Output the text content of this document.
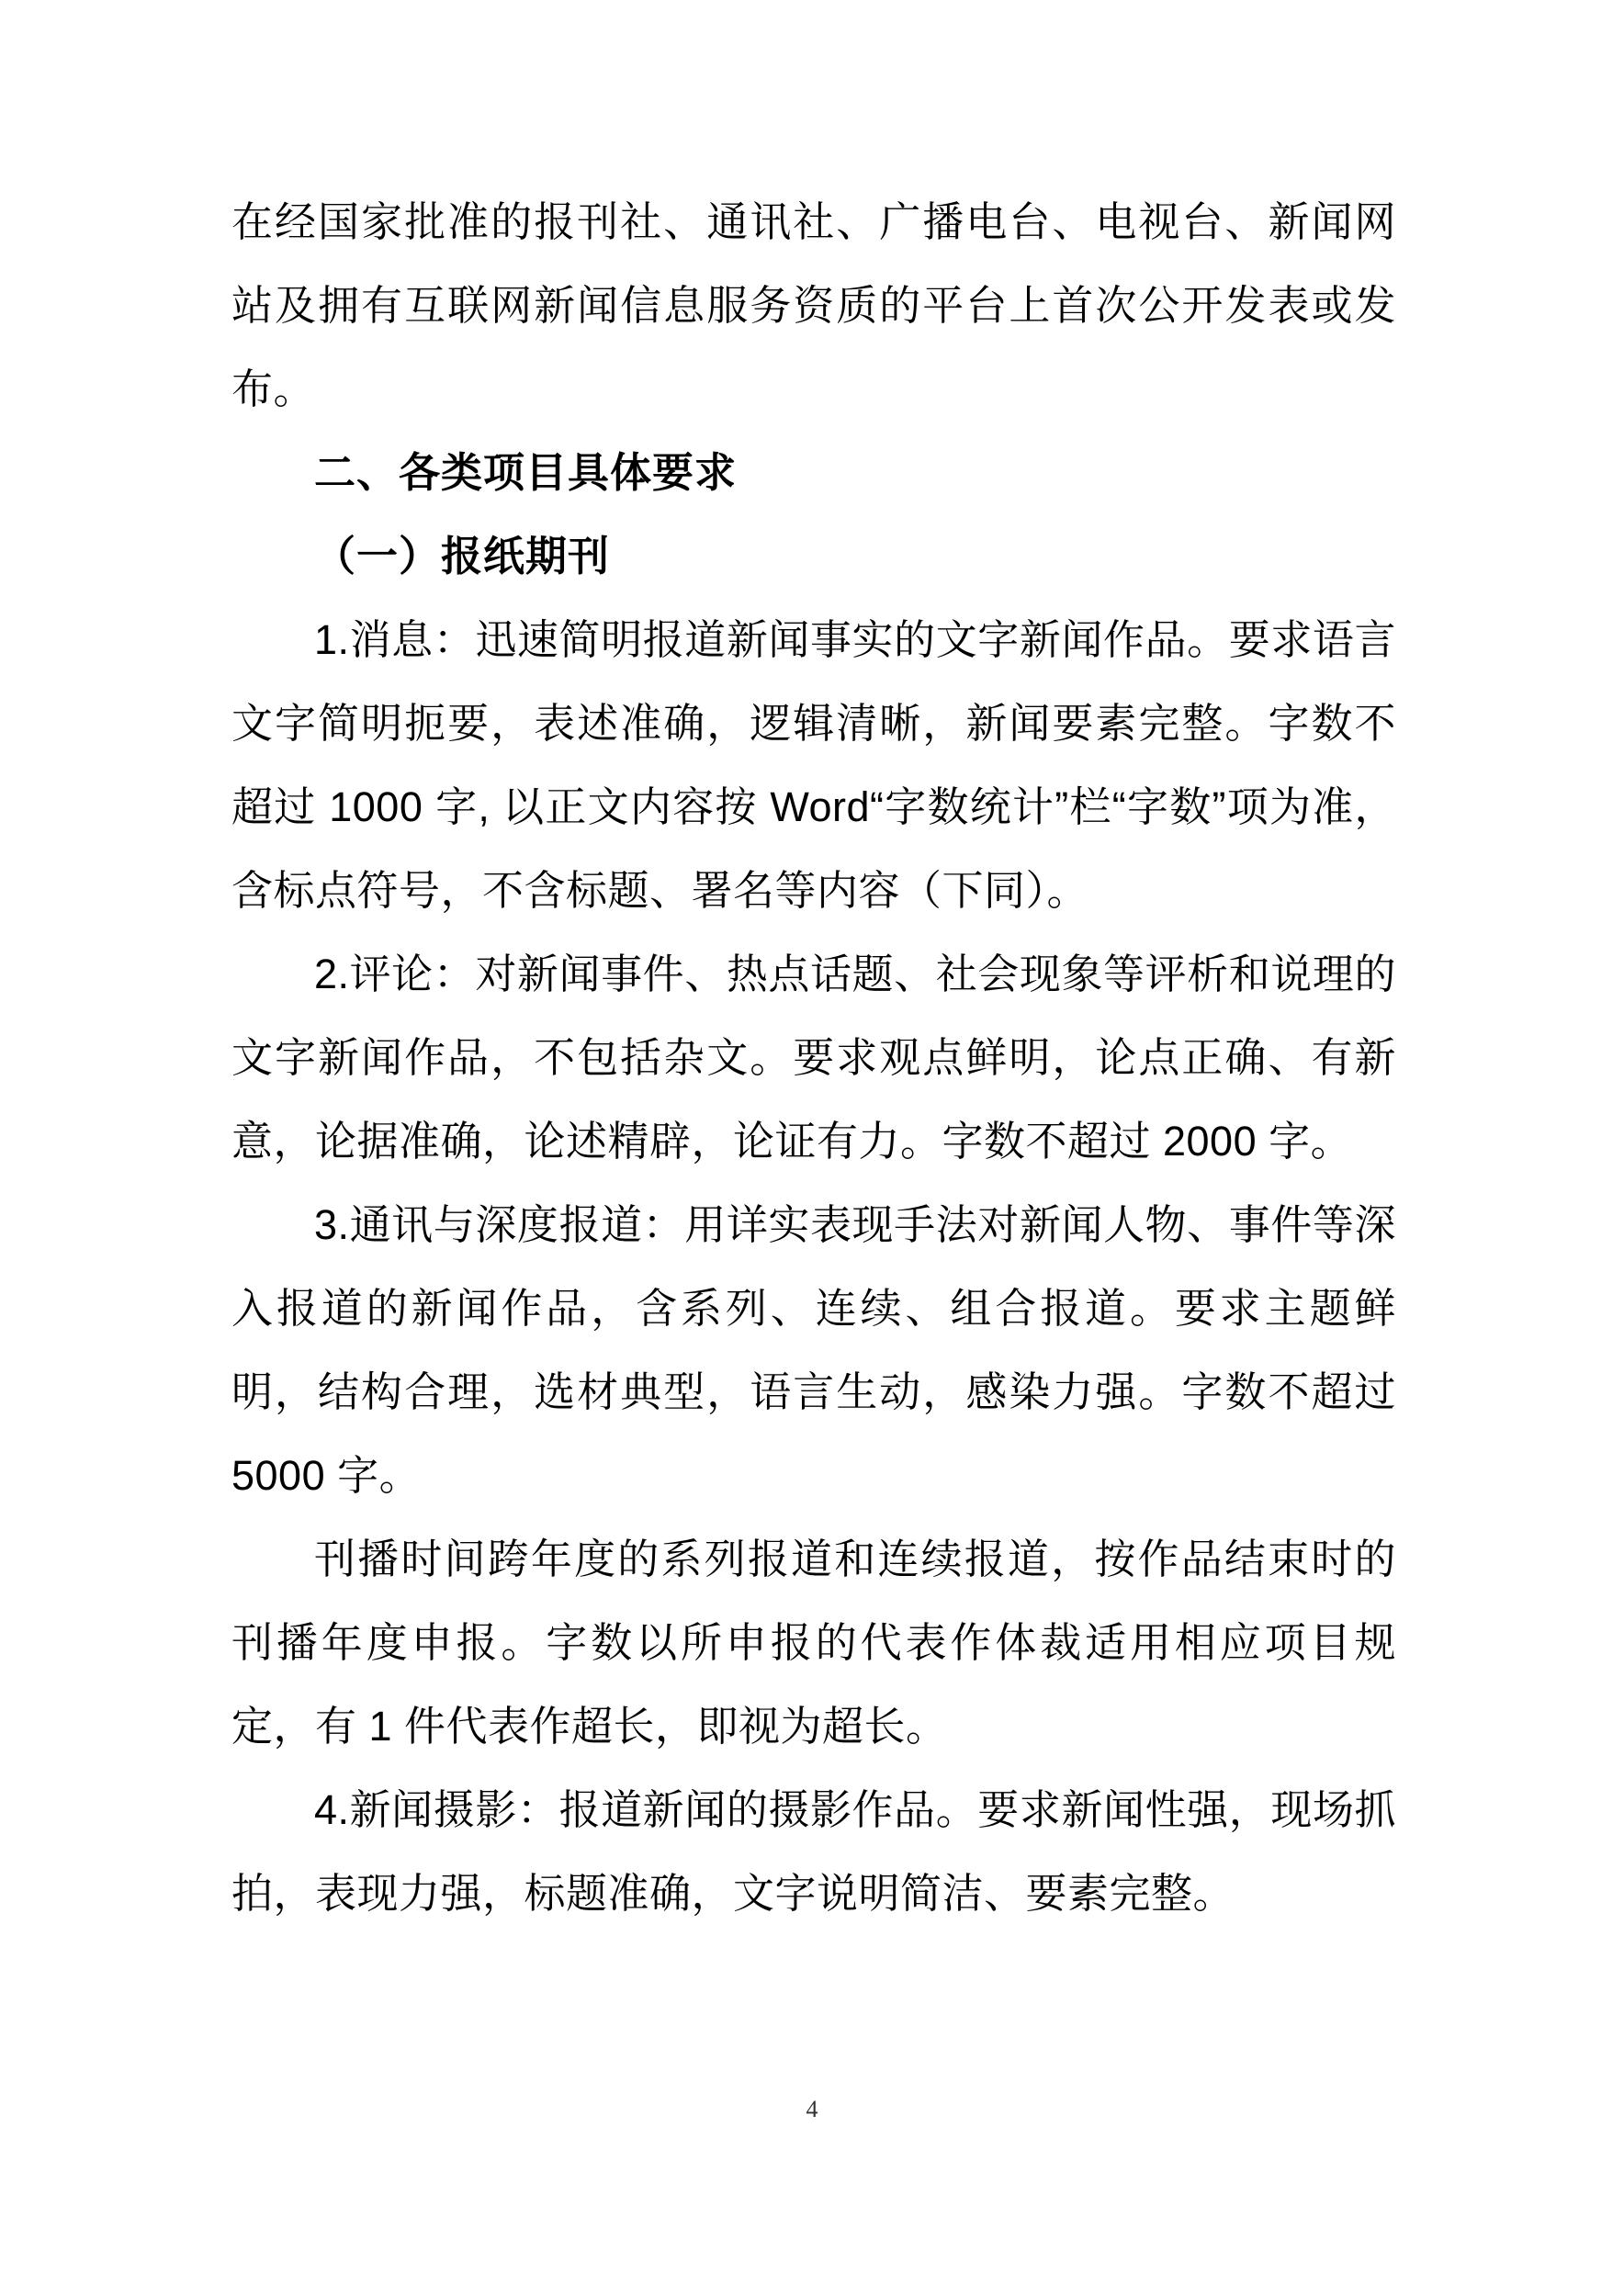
在经国家批准的报刊社、通讯社、广播电台、电视台、新闻网站及拥有互联网新闻信息服务资质的平台上首次公开发表或发布。

二、各类项目具体要求

（一）报纸期刊

1.消息：迅速简明报道新闻事实的文字新闻作品。要求语言文字简明扼要，表述准确，逻辑清晰，新闻要素完整。字数不超过 1000 字, 以正文内容按 Word“字数统计”栏“字数”项为准，含标点符号，不含标题、署名等内容（下同）。

2.评论：对新闻事件、热点话题、社会现象等评析和说理的文字新闻作品，不包括杂文。要求观点鲜明，论点正确、有新意，论据准确，论述精辟，论证有力。字数不超过 2000 字。

3.通讯与深度报道：用详实表现手法对新闻人物、事件等深入报道的新闻作品，含系列、连续、组合报道。要求主题鲜明，结构合理，选材典型，语言生动，感染力强。字数不超过 5000 字。

刊播时间跨年度的系列报道和连续报道，按作品结束时的刊播年度申报。字数以所申报的代表作体裁适用相应项目规定，有 1 件代表作超长，即视为超长。

4.新闻摄影：报道新闻的摄影作品。要求新闻性强，现场抓拍，表现力强，标题准确，文字说明简洁、要素完整。

4
